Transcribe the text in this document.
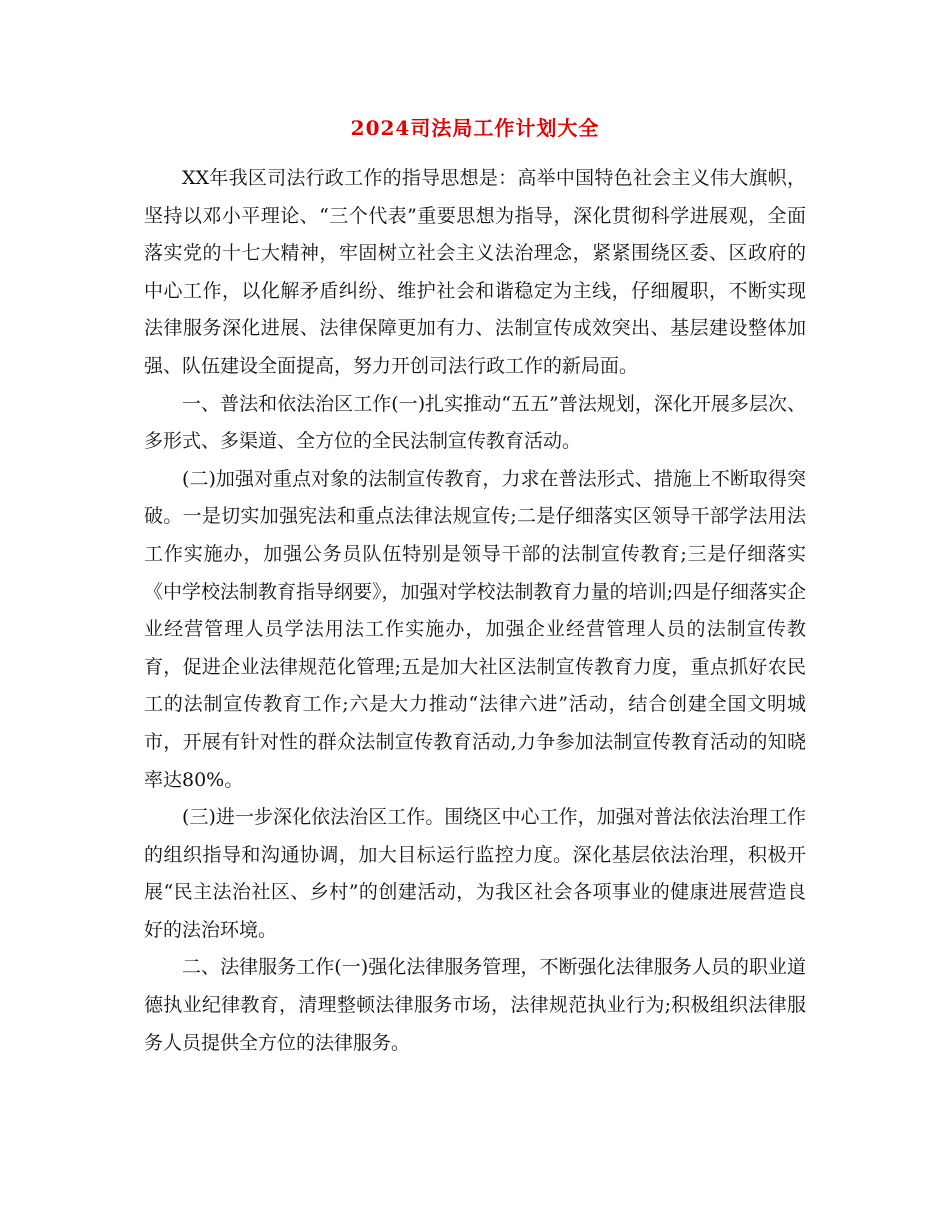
2024司法局工作计划大全

XX年我区司法行政工作的指导思想是：高举中国特色社会主义伟大旗帜，坚持以邓小平理论、“三个代表”重要思想为指导，深化贯彻科学进展观，全面落实党的十七大精神，牢固树立社会主义法治理念，紧紧围绕区委、区政府的中心工作，以化解矛盾纠纷、维护社会和谐稳定为主线，仔细履职，不断实现法律服务深化进展、法律保障更加有力、法制宣传成效突出、基层建设整体加强、队伍建设全面提高，努力开创司法行政工作的新局面。

一、普法和依法治区工作(一)扎实推动“五五”普法规划，深化开展多层次、多形式、多渠道、全方位的全民法制宣传教育活动。

(二)加强对重点对象的法制宣传教育，力求在普法形式、措施上不断取得突破。一是切实加强宪法和重点法律法规宣传;二是仔细落实区领导干部学法用法工作实施办，加强公务员队伍特别是领导干部的法制宣传教育;三是仔细落实《中学校法制教育指导纲要》，加强对学校法制教育力量的培训;四是仔细落实企业经营管理人员学法用法工作实施办，加强企业经营管理人员的法制宣传教育，促进企业法律规范化管理;五是加大社区法制宣传教育力度，重点抓好农民工的法制宣传教育工作;六是大力推动“法律六进”活动，结合创建全国文明城市，开展有针对性的群众法制宣传教育活动,力争参加法制宣传教育活动的知晓率达80%。

(三)进一步深化依法治区工作。围绕区中心工作，加强对普法依法治理工作的组织指导和沟通协调，加大目标运行监控力度。深化基层依法治理，积极开展“民主法治社区、乡村”的创建活动，为我区社会各项事业的健康进展营造良好的法治环境。

二、法律服务工作(一)强化法律服务管理，不断强化法律服务人员的职业道德执业纪律教育，清理整顿法律服务市场，法律规范执业行为;积极组织法律服务人员提供全方位的法律服务。
